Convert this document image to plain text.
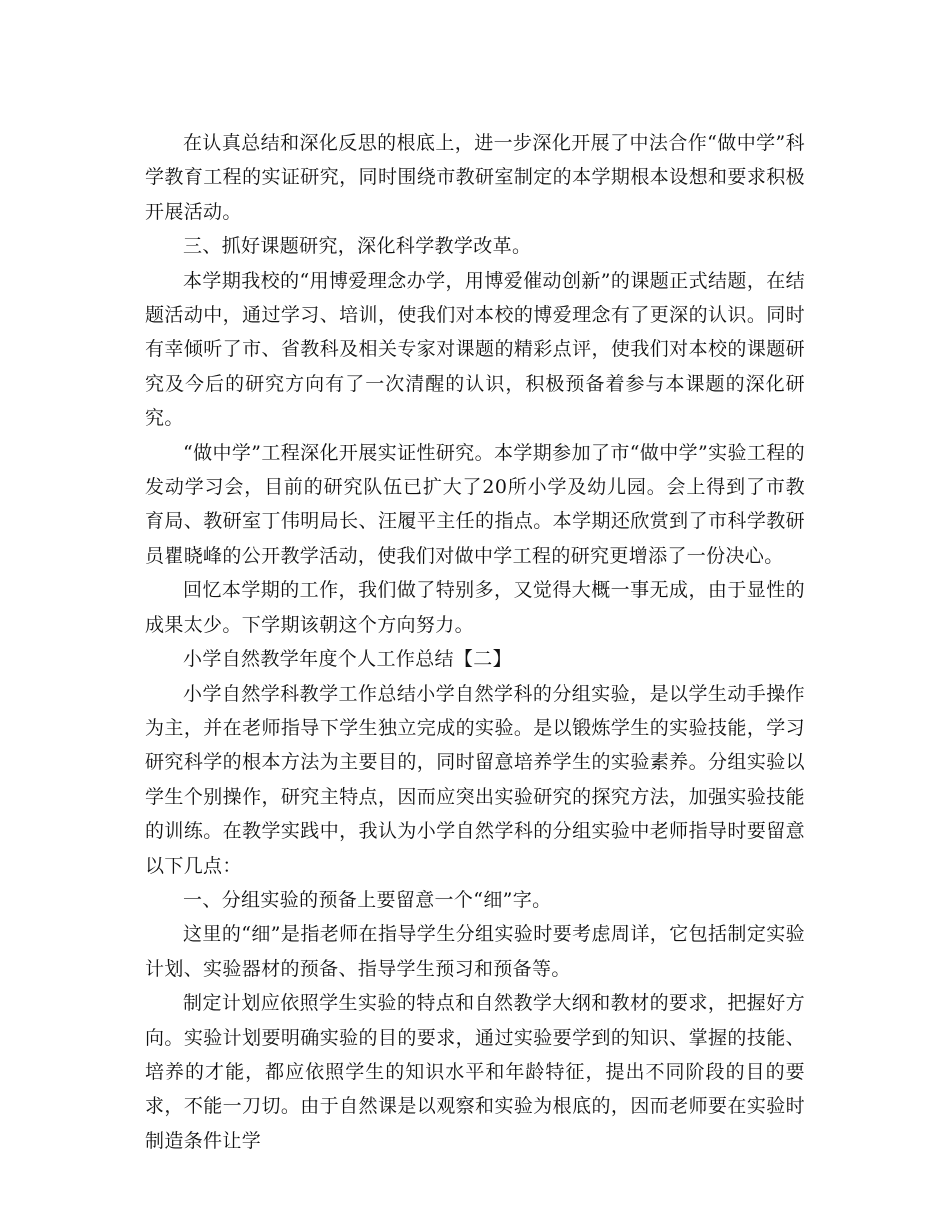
在认真总结和深化反思的根底上，进一步深化开展了中法合作“做中学”科学教育工程的实证研究，同时围绕市教研室制定的本学期根本设想和要求积极开展活动。

三、抓好课题研究，深化科学教学改革。

本学期我校的“用博爱理念办学，用博爱催动创新”的课题正式结题，在结题活动中，通过学习、培训，使我们对本校的博爱理念有了更深的认识。同时有幸倾听了市、省教科及相关专家对课题的精彩点评，使我们对本校的课题研究及今后的研究方向有了一次清醒的认识，积极预备着参与本课题的深化研究。

“做中学”工程深化开展实证性研究。本学期参加了市“做中学”实验工程的发动学习会，目前的研究队伍已扩大了20所小学及幼儿园。会上得到了市教育局、教研室丁伟明局长、汪履平主任的指点。本学期还欣赏到了市科学教研员瞿晓峰的公开教学活动，使我们对做中学工程的研究更增添了一份决心。

回忆本学期的工作，我们做了特别多，又觉得大概一事无成，由于显性的成果太少。下学期该朝这个方向努力。

小学自然教学年度个人工作总结【二】

小学自然学科教学工作总结小学自然学科的分组实验，是以学生动手操作为主，并在老师指导下学生独立完成的实验。是以锻炼学生的实验技能，学习研究科学的根本方法为主要目的，同时留意培养学生的实验素养。分组实验以学生个别操作，研究主特点，因而应突出实验研究的探究方法，加强实验技能的训练。在教学实践中，我认为小学自然学科的分组实验中老师指导时要留意以下几点：

一、分组实验的预备上要留意一个“细”字。

这里的“细”是指老师在指导学生分组实验时要考虑周详，它包括制定实验计划、实验器材的预备、指导学生预习和预备等。

制定计划应依照学生实验的特点和自然教学大纲和教材的要求，把握好方向。实验计划要明确实验的目的要求，通过实验要学到的知识、掌握的技能、培养的才能，都应依照学生的知识水平和年龄特征，提出不同阶段的目的要求，不能一刀切。由于自然课是以观察和实验为根底的，因而老师要在实验时制造条件让学
